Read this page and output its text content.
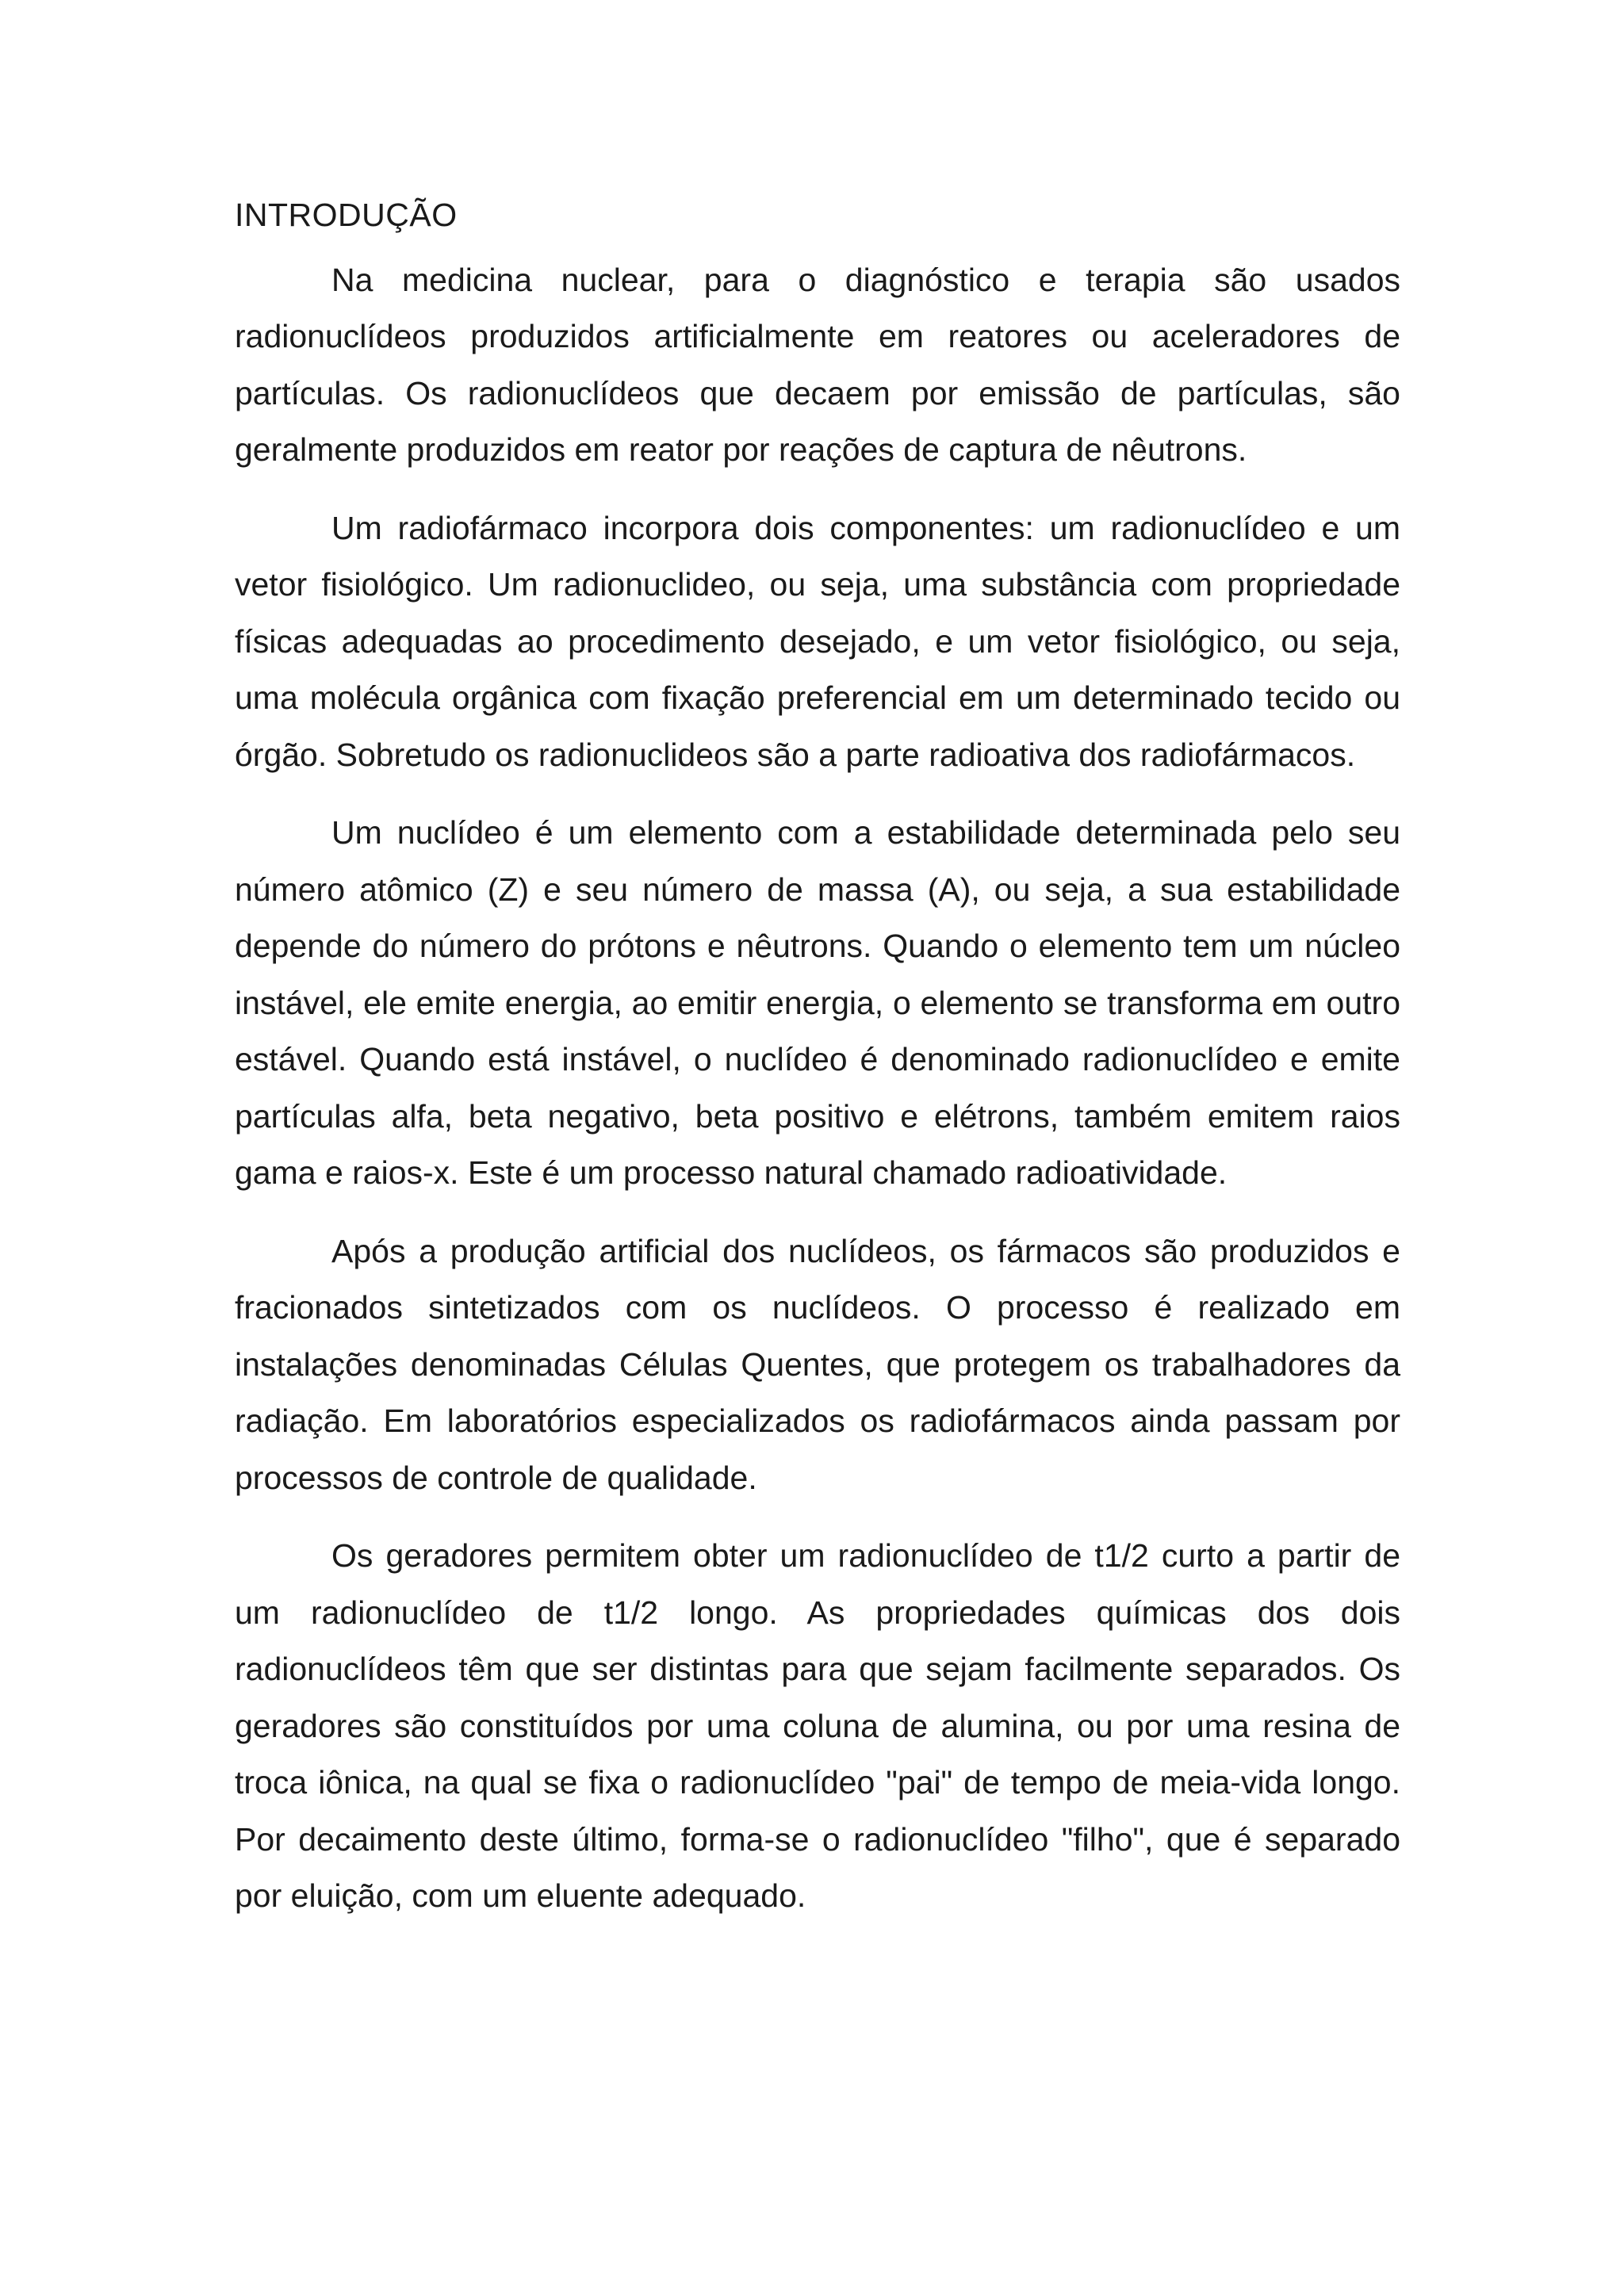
INTRODUÇÃO

Na medicina nuclear, para o diagnóstico e terapia são usados radionuclídeos produzidos artificialmente em reatores ou aceleradores de partículas. Os radionuclídeos que decaem por emissão de partículas, são geralmente produzidos em reator por reações de captura de nêutrons.

Um radiofármaco incorpora dois componentes: um radionuclídeo e um vetor fisiológico. Um radionuclideo, ou seja, uma substância com propriedade físicas adequadas ao procedimento desejado, e um vetor fisiológico, ou seja, uma molécula orgânica com fixação preferencial em um determinado tecido ou órgão. Sobretudo os radionuclideos são a parte radioativa dos radiofármacos.

Um nuclídeo é um elemento com a estabilidade determinada pelo seu número atômico (Z) e seu número de massa (A), ou seja, a sua estabilidade depende do número do prótons e nêutrons. Quando o elemento tem um núcleo instável, ele emite energia, ao emitir energia, o elemento se transforma em outro estável. Quando está instável, o nuclídeo é denominado radionuclídeo e emite partículas alfa, beta negativo, beta positivo e elétrons, também emitem raios gama e raios-x. Este é um processo natural chamado radioatividade.

Após a produção artificial dos nuclídeos, os fármacos são produzidos e fracionados sintetizados com os nuclídeos. O processo é realizado em instalações denominadas Células Quentes, que protegem os trabalhadores da radiação. Em laboratórios especializados os radiofármacos ainda passam por processos de controle de qualidade.

Os geradores permitem obter um radionuclídeo de t1/2 curto a partir de um radionuclídeo de t1/2 longo. As propriedades químicas dos dois radionuclídeos têm que ser distintas para que sejam facilmente separados. Os geradores são constituídos por uma coluna de alumina, ou por uma resina de troca iônica, na qual se fixa o radionuclídeo "pai" de tempo de meia-vida longo. Por decaimento deste último, forma-se o radionuclídeo "filho", que é separado por eluição, com um eluente adequado.
